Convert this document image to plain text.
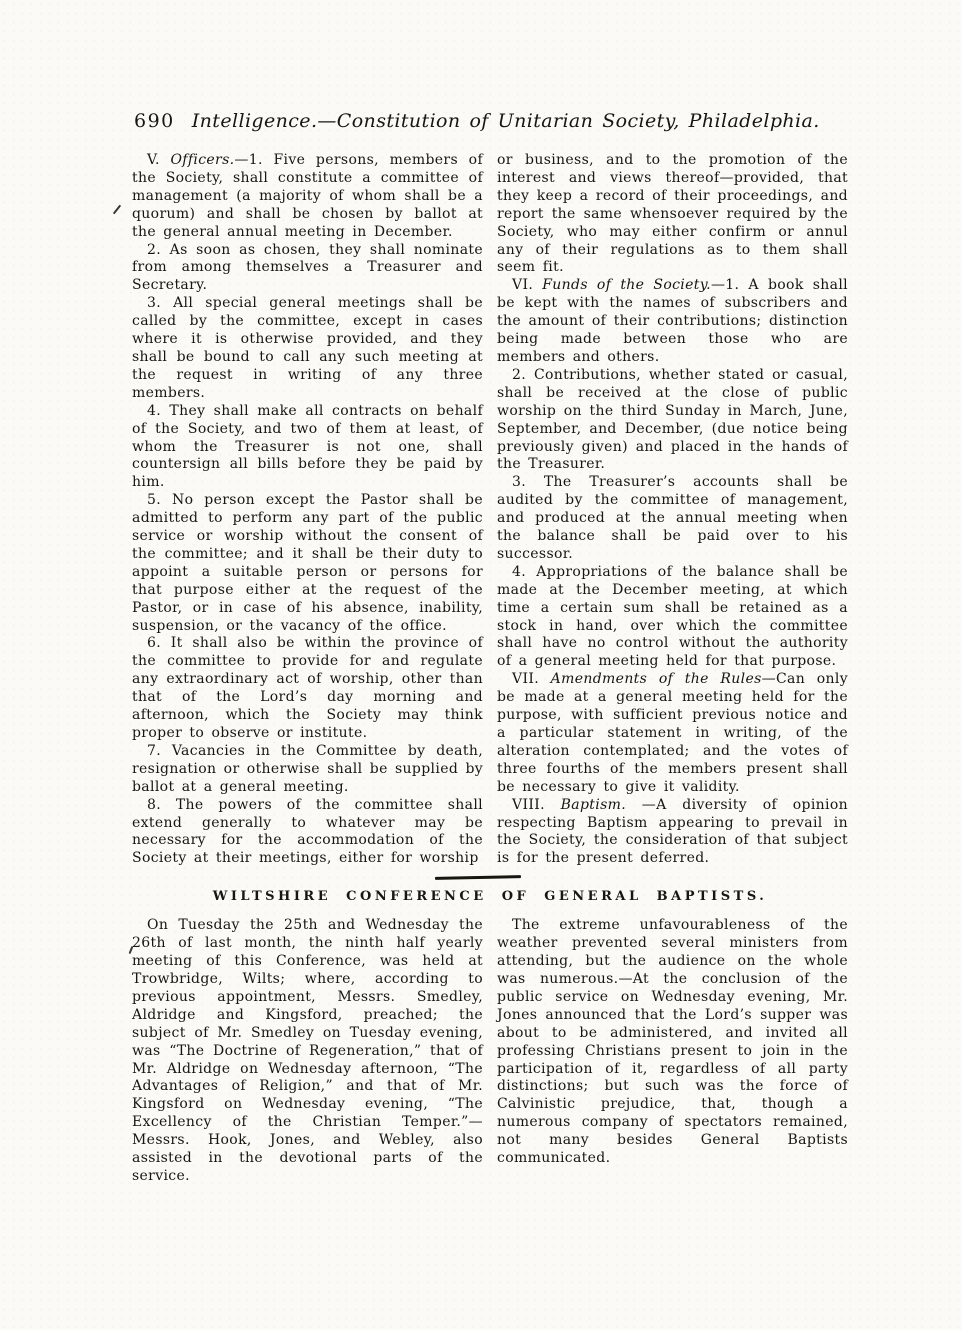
690 Intelligence.—Constitution of Unitarian Society, Philadelphia.

V. Officers.—1. Five persons, members of the Society, shall constitute a committee of management (a majority of whom shall be a quorum) and shall be chosen by ballot at the general annual meeting in December.

2. As soon as chosen, they shall nominate from among themselves a Treasurer and Secretary.

3. All special general meetings shall be called by the committee, except in cases where it is otherwise provided, and they shall be bound to call any such meeting at the request in writing of any three members.

4. They shall make all contracts on behalf of the Society, and two of them at least, of whom the Treasurer is not one, shall countersign all bills before they be paid by him.

5. No person except the Pastor shall be admitted to perform any part of the public service or worship without the consent of the committee; and it shall be their duty to appoint a suitable person or persons for that purpose either at the request of the Pastor, or in case of his absence, inability, suspension, or the vacancy of the office.

6. It shall also be within the province of the committee to provide for and regulate any extraordinary act of worship, other than that of the Lord’s day morning and afternoon, which the Society may think proper to observe or institute.

7. Vacancies in the Committee by death, resignation or otherwise shall be supplied by ballot at a general meeting.

8. The powers of the committee shall extend generally to whatever may be necessary for the accommodation of the Society at their meetings, either for worship

or business, and to the promotion of the interest and views thereof—provided, that they keep a record of their proceedings, and report the same whensoever required by the Society, who may either confirm or annul any of their regulations as to them shall seem fit.

VI. Funds of the Society.—1. A book shall be kept with the names of subscribers and the amount of their contributions; distinction being made between those who are members and others.

2. Contributions, whether stated or casual, shall be received at the close of public worship on the third Sunday in March, June, September, and December, (due notice being previously given) and placed in the hands of the Treasurer.

3. The Treasurer’s accounts shall be audited by the committee of management, and produced at the annual meeting when the balance shall be paid over to his successor.

4. Appropriations of the balance shall be made at the December meeting, at which time a certain sum shall be retained as a stock in hand, over which the committee shall have no control without the authority of a general meeting held for that purpose.

VII. Amendments of the Rules—Can only be made at a general meeting held for the purpose, with sufficient previous notice and a particular statement in writing, of the alteration contemplated; and the votes of three fourths of the members present shall be necessary to give it validity.

VIII. Baptism. —A diversity of opinion respecting Baptism appearing to prevail in the Society, the consideration of that subject is for the present deferred.

WILTSHIRE CONFERENCE OF GENERAL BAPTISTS.

On Tuesday the 25th and Wednesday the 26th of last month, the ninth half yearly meeting of this Conference, was held at Trowbridge, Wilts; where, according to previous appointment, Messrs. Smedley, Aldridge and Kingsford, preached; the subject of Mr. Smedley on Tuesday evening, was “The Doctrine of Regeneration,” that of Mr. Aldridge on Wednesday afternoon, “The Advantages of Religion,” and that of Mr. Kingsford on Wednesday evening, “The Excellency of the Christian Temper.”—Messrs. Hook, Jones, and Webley, also assisted in the devotional parts of the service.

The extreme unfavourableness of the weather prevented several ministers from attending, but the audience on the whole was numerous.—At the conclusion of the public service on Wednesday evening, Mr. Jones announced that the Lord’s supper was about to be administered, and invited all professing Christians present to join in the participation of it, regardless of all party distinctions; but such was the force of Calvinistic prejudice, that, though a numerous company of spectators remained, not many besides General Baptists communicated.
